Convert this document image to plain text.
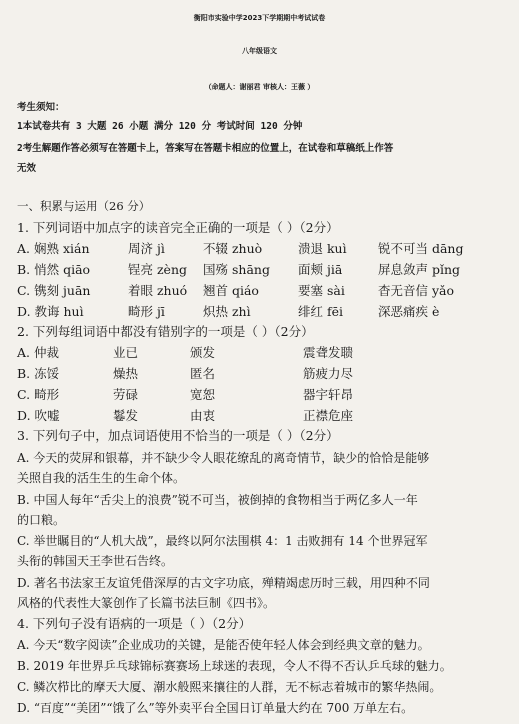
衡阳市实验中学2023下学期期中考试试卷
八年级语文
（命题人：谢丽君 审核人：王薇 ）
考生须知：
1本试卷共有 3 大题 26 小题 满分 120 分 考试时间 120 分钟
2考生解题作答必须写在答题卡上，答案写在答题卡相应的位置上，在试卷和草稿纸上作答
无效
一、积累与运用（26 分）
1. 下列词语中加点字的读音完全正确的一项是（ ）（2分）
A. 娴熟 xián	周济 jì	不辍 zhuò	溃退 kuì	锐不可当 dāng
B. 悄然 qiāo	锃亮 zèng 国殇 shāng 面颊 jiā	屏息敛声 pǐng
C. 镌刻 juān	着眼 zhuó 翘首 qiáo	要塞 sài	杳无音信 yǎo
D. 教诲 huì	畸形 jī	炽热 zhì	绯红 fēi	深恶痛疾 è
2. 下列每组词语中都没有错别字的一项是（ ）（2分）
A. 仲裁	业已	颁发	震聋发聩
B. 冻馁	燥热	匿名	筋疲力尽
C. 畸形	劳碌	宽恕	器宇轩昂
D. 吹嘘	鬈发	由衷	正襟危座
3. 下列句子中，加点词语使用不恰当的一项是（ ）（2分）
A. 今天的荧屏和银幕，并不缺少令人眼花缭乱的离奇情节，缺少的恰恰是能够
关照自我的活生生的生命个体。
B. 中国人每年“舌尖上的浪费”锐不可当，被倒掉的食物相当于两亿多人一年
的口粮。
C. 举世瞩目的“人机大战”，最终以阿尔法围棋 4：1 击败拥有 14 个世界冠军
头衔的韩国天王李世石告终。
D. 著名书法家王友谊凭借深厚的古文字功底，殚精竭虑历时三载，用四种不同
风格的代表性大篆创作了长篇书法巨制《四书》。
4. 下列句子没有语病的一项是（ ）（2分）
A. 今天“数字阅读”企业成功的关键，是能否使年轻人体会到经典文章的魅力。
B. 2019 年世界乒乓球锦标赛赛场上球迷的表现，令人不得不否认乒乓球的魅力。
C. 鳞次栉比的摩天大厦、潮水般熙来攘往的人群，无不标志着城市的繁华热闹。
D. “百度”“美团”“饿了么”等外卖平台全国日订单量大约在 700 万单左右。
